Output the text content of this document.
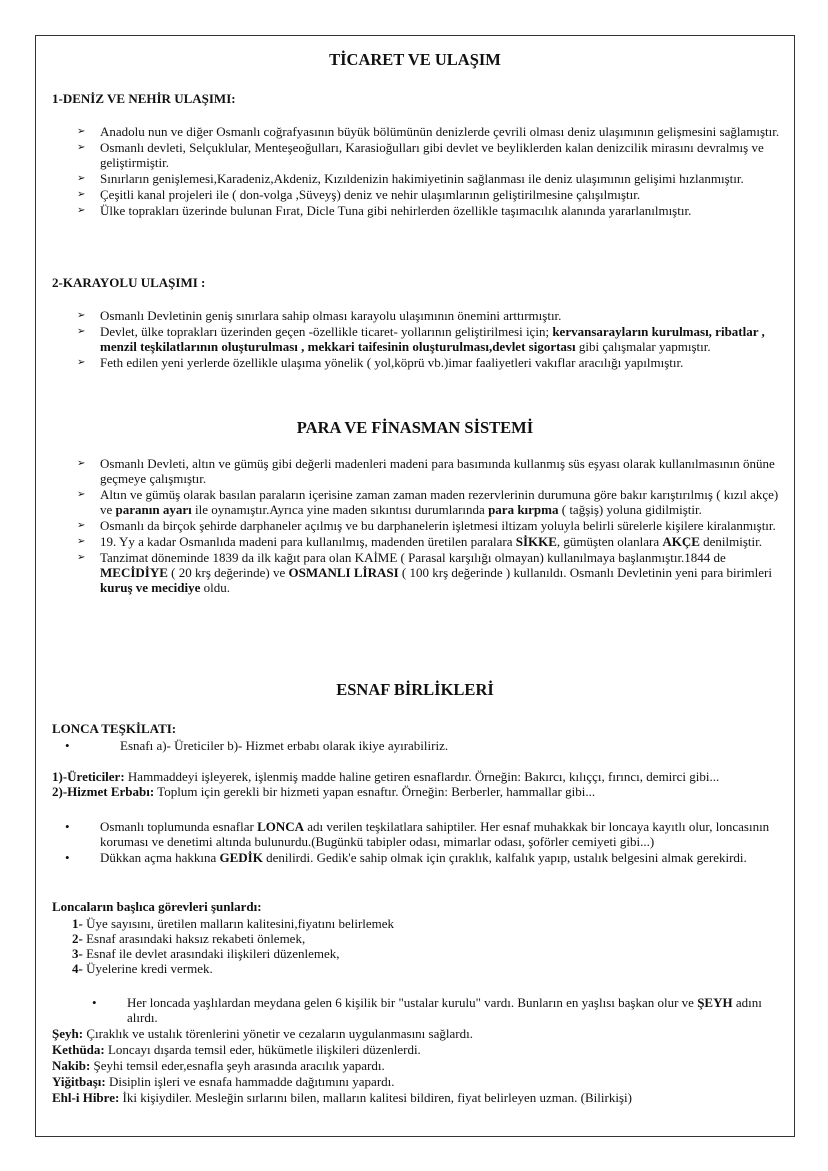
TİCARET VE ULAŞIM
1-DENİZ VE NEHİR ULAŞIMI:
➢ Anadolu nun ve diğer Osmanlı coğrafyasının büyük bölümünün denizlerde çevrili olması deniz ulaşımının gelişmesini sağlamıştır.
➢ Osmanlı devleti, Selçuklular, Menteşeoğulları, Karasioğulları gibi devlet ve beyliklerden kalan denizcilik mirasını devralmış ve geliştirmiştir.
➢ Sınırların genişlemesi,Karadeniz,Akdeniz, Kızıldenizin hakimiyetinin sağlanması ile deniz ulaşımının gelişimi hızlanmıştır.
➢ Çeşitli kanal projeleri ile ( don-volga ,Süveyş) deniz ve nehir ulaşımlarının geliştirilmesine çalışılmıştır.
➢ Ülke toprakları üzerinde bulunan Fırat, Dicle Tuna gibi nehirlerden özellikle taşımacılık alanında yararlanılmıştır.
2-KARAYOLU ULAŞIMI :
➢ Osmanlı Devletinin geniş sınırlara sahip olması karayolu ulaşımının önemini arttırmıştır.
➢ Devlet, ülke toprakları üzerinden geçen -özellikle ticaret- yollarının geliştirilmesi için; kervansarayların kurulması, ribatlar , menzil teşkilatlarının oluşturulması , mekkari taifesinin oluşturulması,devlet sigortası gibi çalışmalar yapmıştır.
➢ Feth edilen yeni yerlerde özellikle ulaşıma yönelik ( yol,köprü vb.)imar faaliyetleri vakıflar aracılığı yapılmıştır.
PARA VE FİNASMAN SİSTEMİ
➢ Osmanlı Devleti, altın ve gümüş gibi değerli madenleri madeni para basımında kullanmış süs eşyası olarak kullanılmasının önüne geçmeye çalışmıştır.
➢ Altın ve gümüş olarak basılan paraların içerisine zaman zaman maden rezervlerinin durumuna göre bakır karıştırılmış ( kızıl akçe) ve paranın ayarı ile oynamıştır.Ayrıca yine maden sıkıntısı durumlarında para kırpma ( tağşiş) yoluna gidilmiştir.
➢ Osmanlı da birçok şehirde darphaneler açılmış ve bu darphanelerin işletmesi iltizam yoluyla belirli sürelerle kişilere kiralanmıştır.
➢ 19. Yy a kadar Osmanlıda madeni para kullanılmış, madenden üretilen paralara SİKKE, gümüşten olanlara AKÇE denilmiştir.
➢ Tanzimat döneminde 1839 da ilk kağıt para olan KAİME ( Parasal karşılığı olmayan) kullanılmaya başlanmıştır.1844 de MECİDİYE ( 20 krş değerinde) ve OSMANLI LİRASI ( 100 krş değerinde ) kullanıldı. Osmanlı Devletinin yeni para birimleri kuruş ve mecidiye oldu.
ESNAF BİRLİKLERİ
LONCA TEŞKİLATI:
•	Esnafı a)- Üreticiler b)- Hizmet erbabı olarak ikiye ayırabiliriz.
1)-Üreticiler: Hammaddeyi işleyerek, işlenmiş madde haline getiren esnaflardır. Örneğin: Bakırcı, kılıççı, fırıncı, demirci gibi...
2)-Hizmet Erbabı: Toplum için gerekli bir hizmeti yapan esnaftır. Örneğin: Berberler, hammallar gibi...
• Osmanlı toplumunda esnaflar LONCA adı verilen teşkilatlara sahiptiler. Her esnaf muhakkak bir loncaya kayıtlı olur, loncasının koruması ve denetimi altında bulunurdu.(Bugünkü tabipler odası, mimarlar odası, şoförler cemiyeti gibi...)
• Dükkan açma hakkına GEDİK denilirdi. Gedik'e sahip olmak için çıraklık, kalfalık yapıp, ustalık belgesini almak gerekirdi.
Loncaların başlıca görevleri şunlardı:
1- Üye sayısını, üretilen malların kalitesini,fiyatını belirlemek
2- Esnaf arasındaki haksız rekabeti önlemek,
3- Esnaf ile devlet arasındaki ilişkileri düzenlemek,
4- Üyelerine kredi vermek.
• Her loncada yaşlılardan meydana gelen 6 kişilik bir "ustalar kurulu" vardı. Bunların en yaşlısı başkan olur ve ŞEYH adını alırdı.
Şeyh: Çıraklık ve ustalık törenlerini yönetir ve cezaların uygulanmasını sağlardı.
Kethüda: Loncayı dışarda temsil eder, hükümetle ilişkileri düzenlerdi.
Nakib: Şeyhi temsil eder,esnafla şeyh arasında aracılık yapardı.
Yiğitbaşı: Disiplin işleri ve esnafa hammadde dağıtımını yapardı.
Ehl-i Hibre: İki kişiydiler. Mesleğin sırlarını bilen, malların kalitesi bildiren, fiyat belirleyen uzman. (Bilirkişi)
